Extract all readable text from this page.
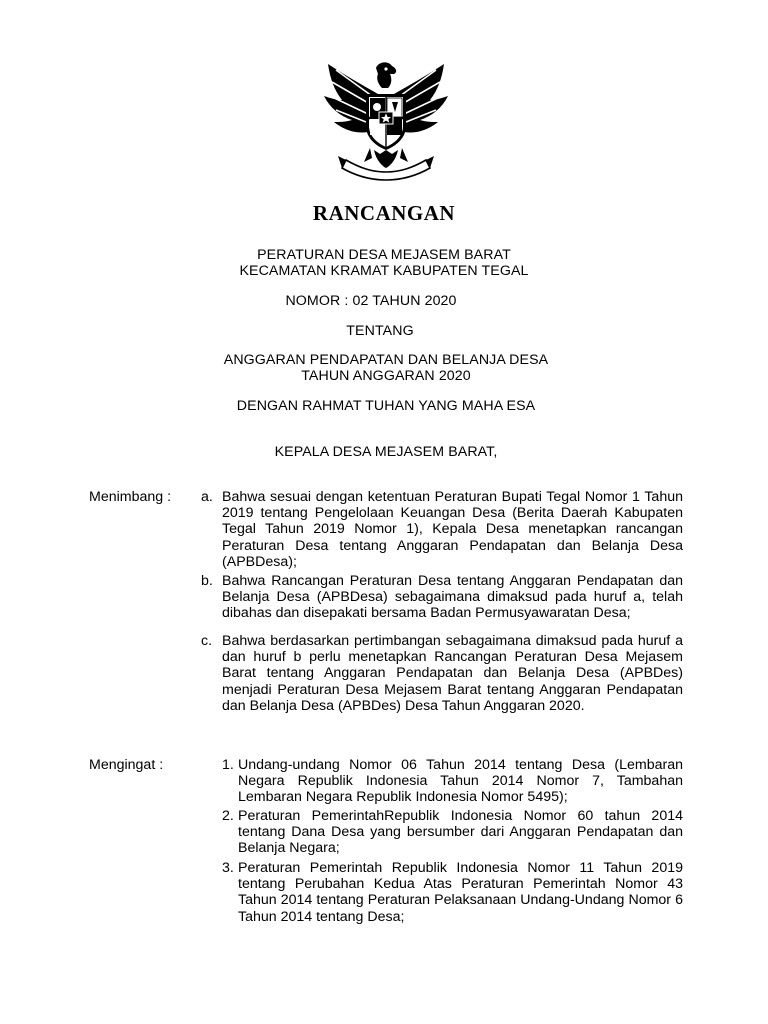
RANCANGAN
PERATURAN DESA MEJASEM BARAT
KECAMATAN KRAMAT KABUPATEN TEGAL
NOMOR : 02 TAHUN 2020
TENTANG
ANGGARAN PENDAPATAN DAN BELANJA DESA
TAHUN ANGGARAN 2020
DENGAN RAHMAT TUHAN YANG MAHA ESA
KEPALA DESA MEJASEM BARAT,
Menimbang : a. Bahwa sesuai dengan ketentuan Peraturan Bupati Tegal Nomor 1 Tahun 2019 tentang Pengelolaan Keuangan Desa (Berita Daerah Kabupaten Tegal Tahun 2019 Nomor 1), Kepala Desa menetapkan rancangan Peraturan Desa tentang Anggaran Pendapatan dan Belanja Desa (APBDesa);
b. Bahwa Rancangan Peraturan Desa tentang Anggaran Pendapatan dan Belanja Desa (APBDesa) sebagaimana dimaksud pada huruf a, telah dibahas dan disepakati bersama Badan Permusyawaratan Desa;
c. Bahwa berdasarkan pertimbangan sebagaimana dimaksud pada huruf a dan huruf b perlu menetapkan Rancangan Peraturan Desa Mejasem Barat tentang Anggaran Pendapatan dan Belanja Desa (APBDes) menjadi Peraturan Desa Mejasem Barat tentang Anggaran Pendapatan dan Belanja Desa (APBDes) Desa Tahun Anggaran 2020.
Mengingat :	1. Undang-undang Nomor 06 Tahun 2014 tentang Desa (Lembaran Negara Republik Indonesia Tahun 2014 Nomor 7, Tambahan Lembaran Negara Republik Indonesia Nomor 5495);
2. Peraturan PemerintahRepublik Indonesia Nomor 60 tahun 2014 tentang Dana Desa yang bersumber dari Anggaran Pendapatan dan Belanja Negara;
3. Peraturan Pemerintah Republik Indonesia Nomor 11 Tahun 2019 tentang Perubahan Kedua Atas Peraturan Pemerintah Nomor 43 Tahun 2014 tentang Peraturan Pelaksanaan Undang-Undang Nomor 6 Tahun 2014 tentang Desa;
